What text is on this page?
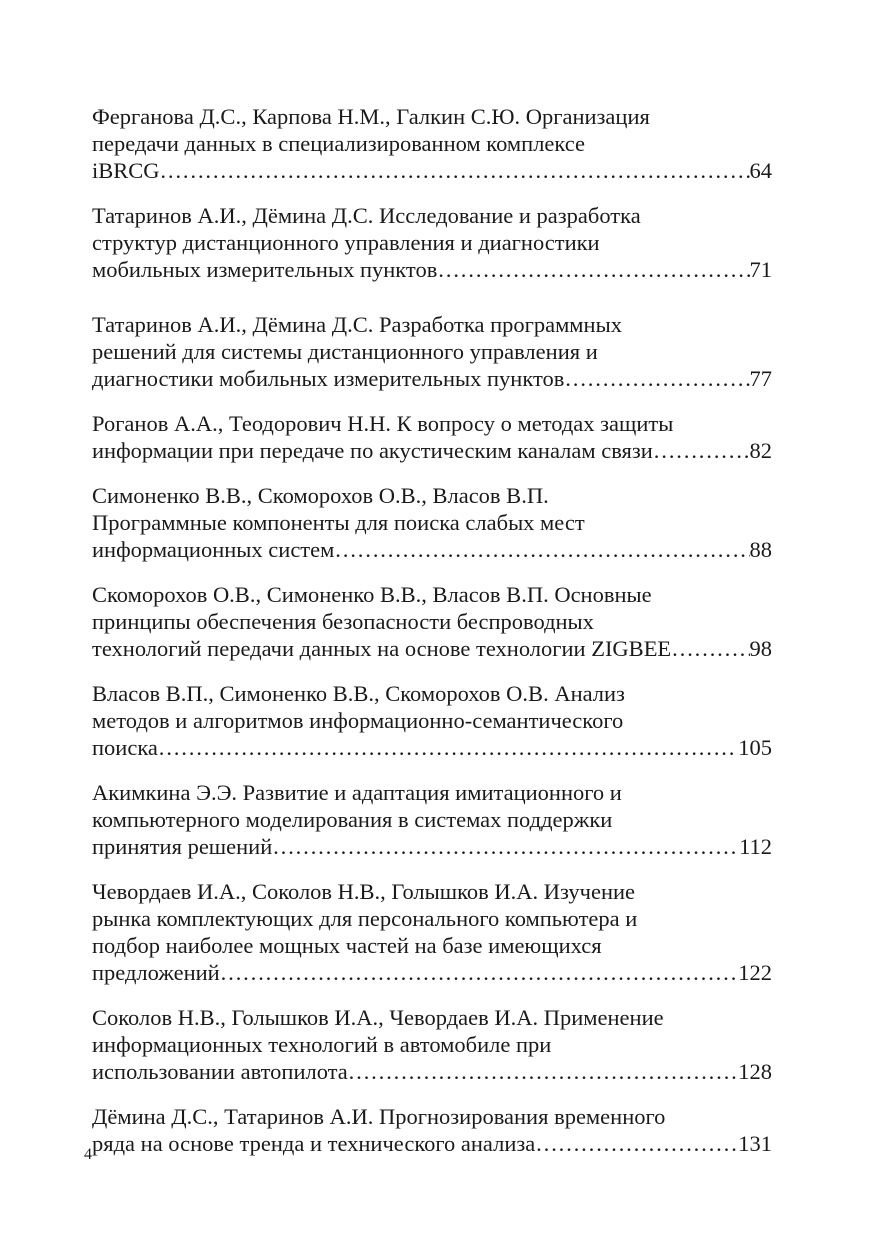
Ферганова Д.С., Карпова Н.М., Галкин С.Ю. Организация
передачи данных в специализированном комплексе
iBRCG …………………………………………………………………………………………………………………………………………………………………………………	64
Татаринов А.И., Дёмина Д.С. Исследование и разработка
структур дистанционного управления и диагностики
мобильных измерительных пунктов …………………………………………………………………………………………………………………………………………………………………………………	71
Татаринов А.И., Дёмина Д.С. Разработка программных
решений для системы дистанционного управления и
диагностики мобильных измерительных пунктов …………………………………………………………………………………………………………………………………………………………………………………	77
Роганов А.А., Теодорович Н.Н. К вопросу о методах защиты
информации при передаче по акустическим каналам связи …………………………………………………………………………………………………………………………………………………………………………………	82
Симоненко В.В., Скоморохов О.В., Власов В.П.
Программные компоненты для поиска слабых мест
информационных систем …………………………………………………………………………………………………………………………………………………………………………………	88
Скоморохов О.В., Симоненко В.В., Власов В.П. Основные
принципы обеспечения безопасности беспроводных
технологий передачи данных на основе технологии ZIGBEE …………………………………………………………………………………………………………………………………………………………………………………	98
Власов В.П., Симоненко В.В., Скоморохов О.В. Анализ
методов и алгоритмов информационно-семантического
поиска …………………………………………………………………………………………………………………………………………………………………………………	105
Акимкина Э.Э. Развитие и адаптация имитационного и
компьютерного моделирования в системах поддержки
принятия решений …………………………………………………………………………………………………………………………………………………………………………………	112
Чевордаев И.А., Соколов Н.В., Голышков И.А. Изучение
рынка комплектующих для персонального компьютера и
подбор наиболее мощных частей на базе имеющихся
предложений …………………………………………………………………………………………………………………………………………………………………………………	122
Соколов Н.В., Голышков И.А., Чевордаев И.А. Применение
информационных технологий в автомобиле при
использовании автопилота …………………………………………………………………………………………………………………………………………………………………………………	128
Дёмина Д.С., Татаринов А.И. Прогнозирования временного
ряда на основе тренда и технического анализа …………………………………………………………………………………………………………………………………………………………………………………	131
4
